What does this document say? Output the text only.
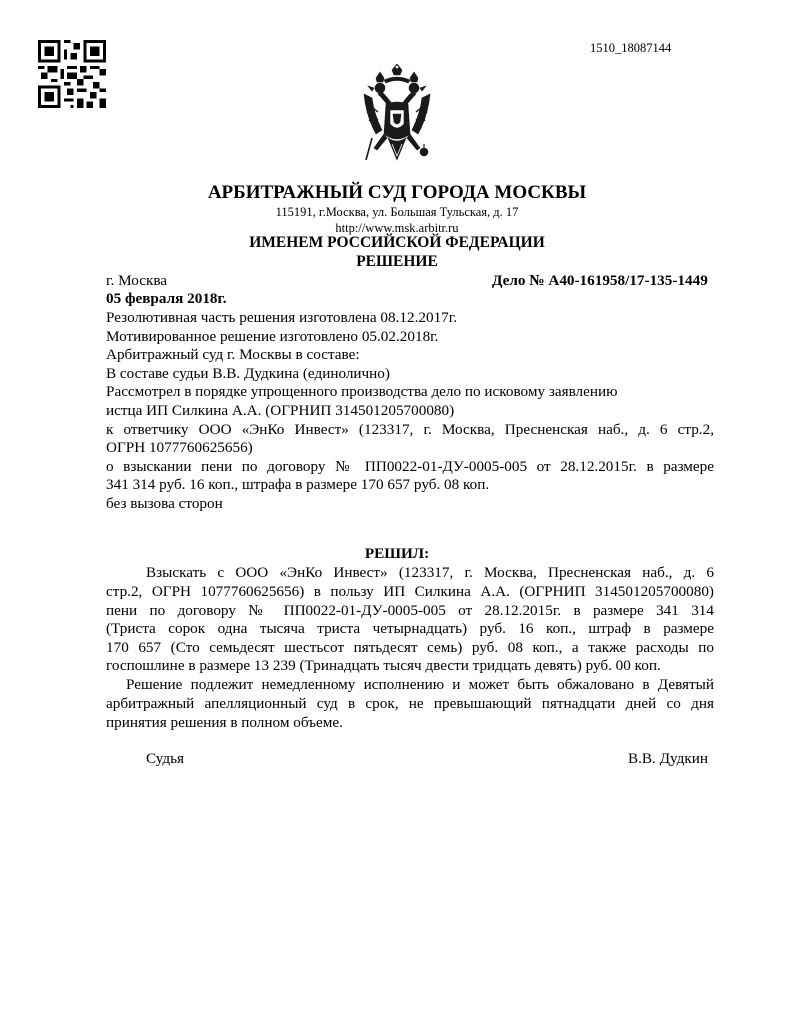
1510_18087144
АРБИТРАЖНЫЙ СУД ГОРОДА МОСКВЫ
115191, г.Москва, ул. Большая Тульская, д. 17
http://www.msk.arbitr.ru
ИМЕНЕМ РОССИЙСКОЙ ФЕДЕРАЦИИ
РЕШЕНИЕ
г. Москва	Дело № А40-161958/17-135-1449
05 февраля 2018г.
Резолютивная часть решения изготовлена 08.12.2017г.
Мотивированное решение изготовлено 05.02.2018г.
Арбитражный суд г. Москвы в составе:
В составе судьи В.В. Дудкина (единолично)
Рассмотрел в порядке упрощенного производства дело по исковому заявлению
истца ИП Силкина А.А. (ОГРНИП 314501205700080)
к ответчику ООО «ЭнКо Инвест» (123317, г. Москва, Пресненская наб., д. 6 стр.2,
ОГРН 1077760625656)
о взыскании пени по договору № ПП0022-01-ДУ-0005-005 от 28.12.2015г. в размере
341 314 руб. 16 коп., штрафа в размере 170 657 руб. 08 коп.
без вызова сторон
РЕШИЛ:
Взыскать с ООО «ЭнКо Инвест» (123317, г. Москва, Пресненская наб., д. 6
стр.2, ОГРН 1077760625656) в пользу ИП Силкина А.А. (ОГРНИП 314501205700080)
пени по договору № ПП0022-01-ДУ-0005-005 от 28.12.2015г. в размере 341 314
(Триста сорок одна тысяча триста четырнадцать) руб. 16 коп., штраф в размере
170 657 (Сто семьдесят шестьсот пятьдесят семь) руб. 08 коп., а также расходы по
госпошлине в размере 13 239 (Тринадцать тысяч двести тридцать девять) руб. 00 коп.
Решение подлежит немедленному исполнению и может быть обжаловано в Девятый
арбитражный апелляционный суд в срок, не превышающий пятнадцати дней со дня
принятия решения в полном объеме.
Судья	В.В. Дудкин
